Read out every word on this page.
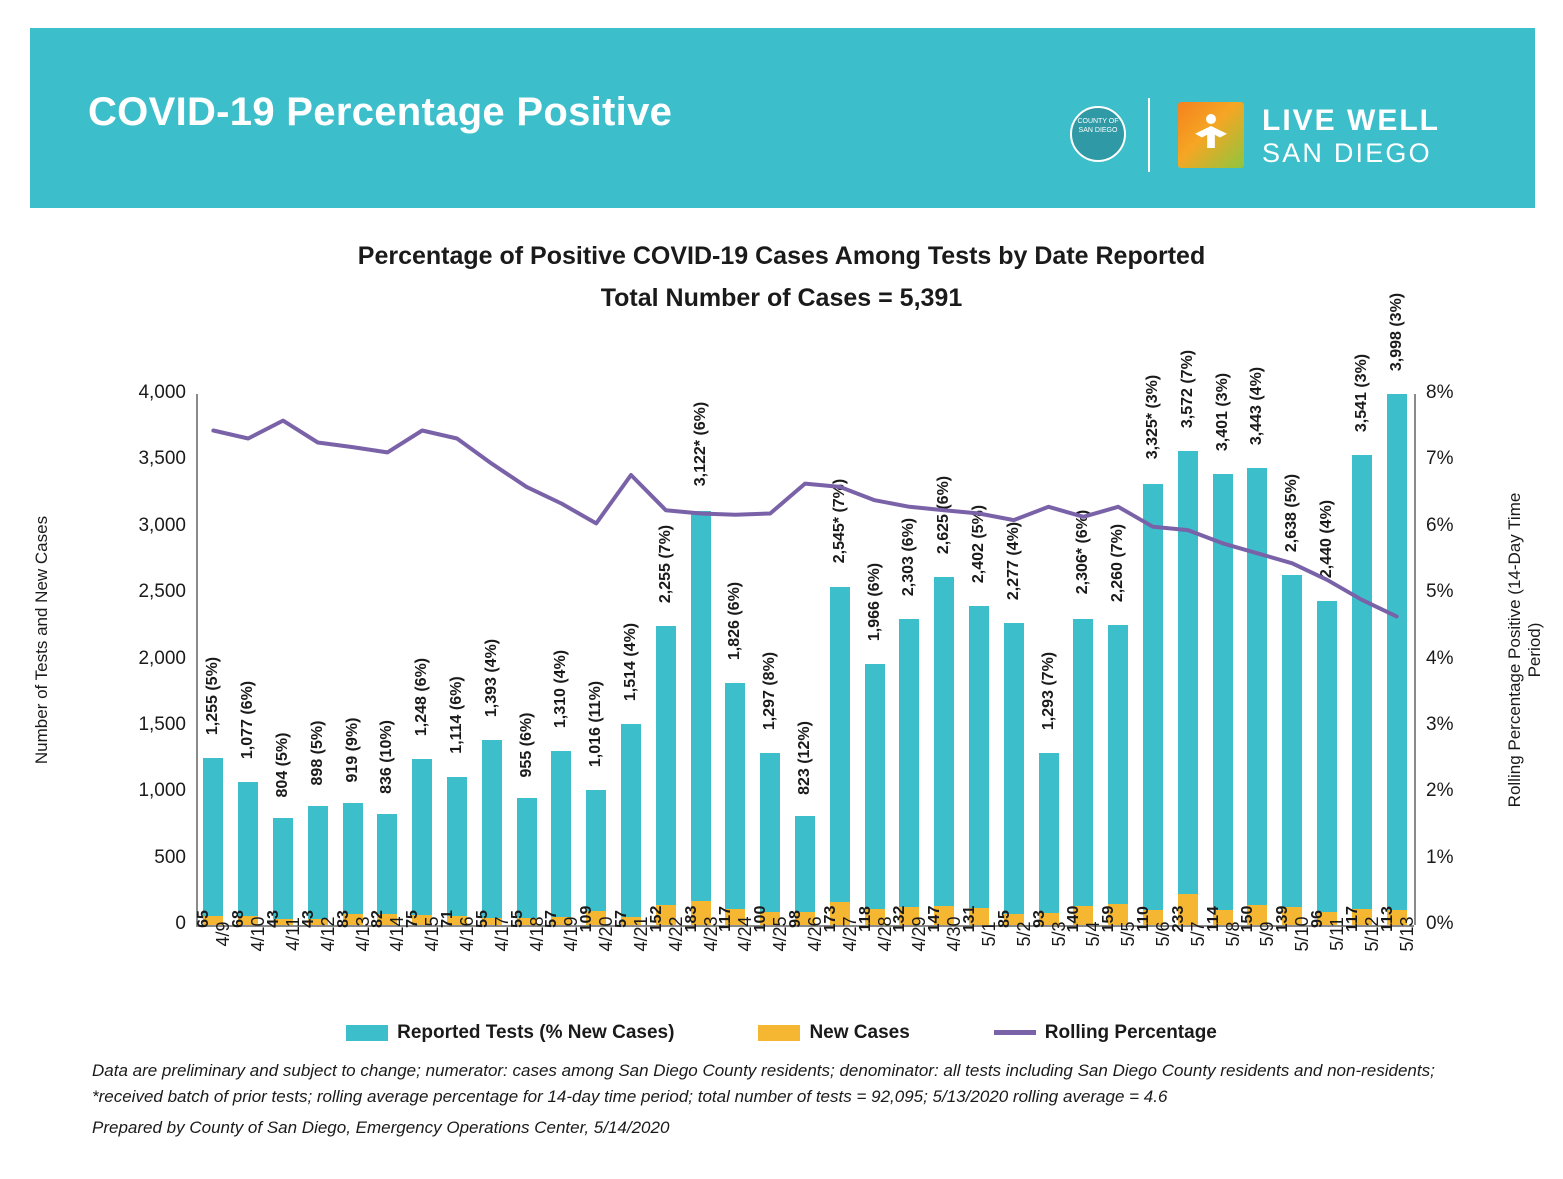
COVID-19 Percentage Positive	COUNTY OF SAN DIEGO	LIVE WELL
SAN DIEGO
Percentage of Positive COVID-19 Cases Among Tests by Date Reported
Total Number of Cases = 5,391
Number of Tests and New Cases	Rolling Percentage Positive (14-Day Time Period)
0
500
1,000
1,500
2,000
2,500
3,000
3,500
4,000
0%
1%
2%
3%
4%
5%
6%
7%
8%
1,255 (5%)
65
1,077 (6%)
68
804 (5%)
43
898 (5%)
43
919 (9%)
83
836 (10%)
82
1,248 (6%)
75
1,114 (6%)
71
1,393 (4%)
55
955 (6%)
55
1,310 (4%)
57
1,016 (11%)
109
1,514 (4%)
57
2,255 (7%)
152
3,122* (6%)
183
1,826 (6%)
117
1,297 (8%)
100
823 (12%)
98
2,545* (7%)
173
1,966 (6%)
118
2,303 (6%)
132
2,625 (6%)
147
2,402 (5%)
131
2,277 (4%)
85
1,293 (7%)
93
2,306* (6%)
140
2,260 (7%)
159
3,325* (3%)
110
3,572 (7%)
233
3,401 (3%)
114
3,443 (4%)
150
2,638 (5%)
139
2,440 (4%)
96
3,541 (3%)
117
3,998 (3%)
113
4/9 4/10 4/11 4/12 4/13 4/14 4/15 4/16 4/17 4/18 4/19 4/20 4/21 4/22 4/23 4/24 4/25 4/26 4/27 4/28 4/29 4/30 5/1 5/2 5/3 5/4 5/5 5/6 5/7 5/8 5/9 5/10 5/11 5/12 5/13
Reported Tests (% New Cases)	New Cases	Rolling Percentage
Data are preliminary and subject to change; numerator: cases among San Diego County residents; denominator: all tests including San Diego County residents and non-residents; *received batch of prior tests; rolling average percentage for 14-day time period; total number of tests = 92,095; 5/13/2020 rolling average = 4.6
Prepared by County of San Diego, Emergency Operations Center, 5/14/2020
